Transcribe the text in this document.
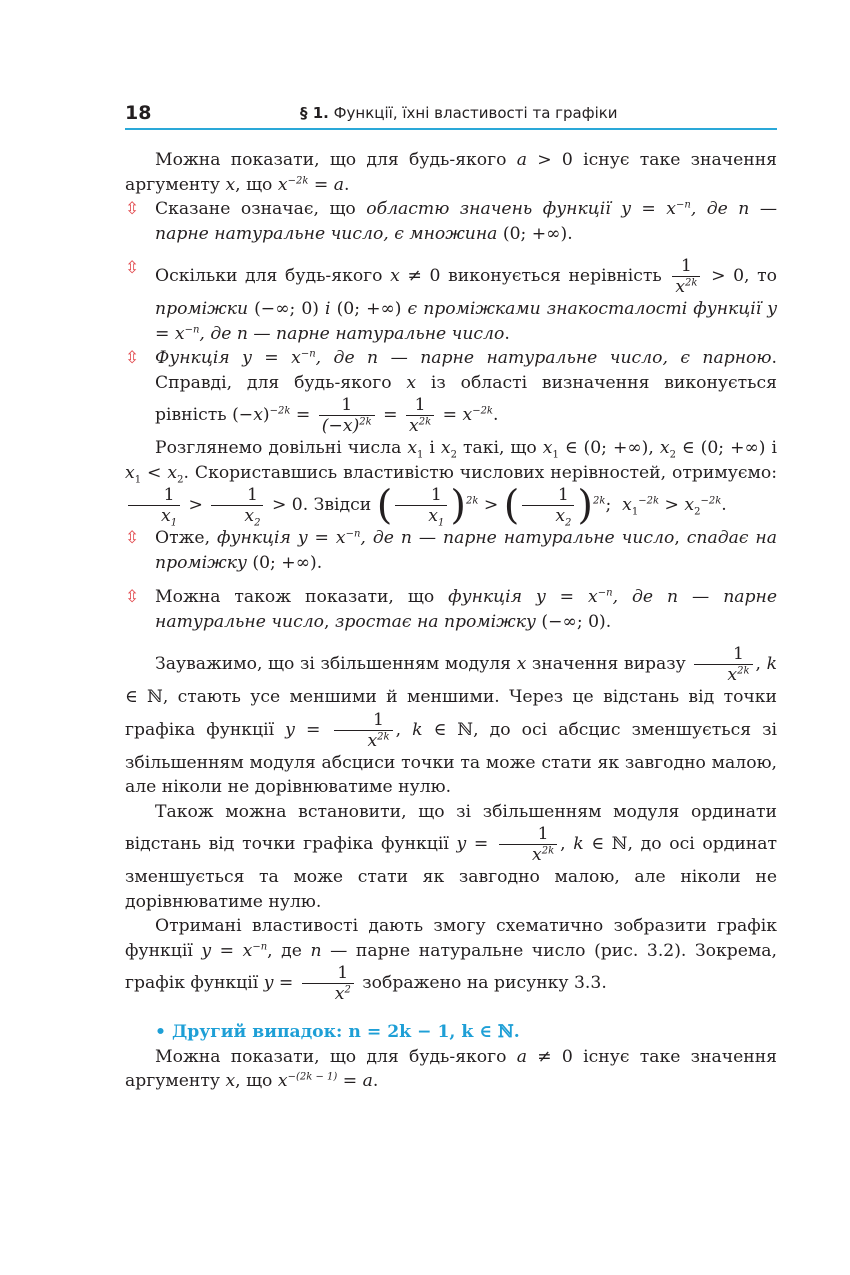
18	§ 1. Функції, їхні властивості та графіки

Можна показати, що для будь-якого a > 0 існує таке значення аргументу x, що $x^{-2k} = a$.

⇳ Сказане означає, що областю значень функції $y = x^{-n}$, де n — парне натуральне число, є множина (0; +∞).

⇳ Оскільки для будь-якого x ≠ 0 виконується нерівність $\frac{1}{x^{2k}} > 0$, то проміжки (−∞; 0) і (0; +∞) є проміжками знакосталості функції $y = x^{-n}$, де n — парне натуральне число.

⇳ Функція $y = x^{-n}$, де n — парне натуральне число, є парною. Справді, для будь-якого x із області визначення виконується рівність $(-x)^{-2k} = \frac{1}{(-x)^{2k}} = \frac{1}{x^{2k}} = x^{-2k}$.

Розглянемо довільні числа $x_1$ і $x_2$ такі, що $x_1$ ∈ (0; +∞), $x_2$ ∈ (0; +∞) і $x_1 < x_2$. Скориставшись властивістю числових нерівностей, отримуємо:
$\frac{1}{x_1} > \frac{1}{x_2} > 0$. Звідси ( $\frac{1}{x_1} )^{2k}$ > ( $\frac{1}{x_2} )^{2k}$;  $x_1^{-2k} > x_2^{-2k}$.

⇳ Отже, функція $y = x^{-n}$, де n — парне натуральне число, спадає на проміжку (0; +∞).

⇳ Можна також показати, що функція $y = x^{-n}$, де n — парне натуральне число, зростає на проміжку (−∞; 0).

Зауважимо, що зі збільшенням модуля x значення виразу $\frac{1}{x^{2k}}$ , k ∈ ℕ, стають усе меншими й меншими. Через це відстань від точки графіка функції $y = \frac{1}{x^{2k}}$ , k ∈ ℕ, до осі абсцис зменшується зі збільшенням модуля абсциси точки та може стати як завгодно малою, але ніколи не дорівнюватиме нулю.

Також можна встановити, що зі збільшенням модуля ординати відстань від точки графіка функції $y = \frac{1}{x^{2k}}$ , k ∈ ℕ, до осі ординат зменшується та може стати як завгодно малою, але ніколи не дорівнюватиме нулю.

Отримані властивості дають змогу схематично зобразити графік функції $y = x^{-n}$, де n — парне натуральне число (рис. 3.2). Зокрема, графік функції $y = \frac{1}{x^2}$ зображено на рисунку 3.3.

• Другий випадок: n = 2k − 1, k ∈ ℕ.

Можна показати, що для будь-якого a ≠ 0 існує таке значення аргументу x, що $x^{-(2k - 1)} = a$.
